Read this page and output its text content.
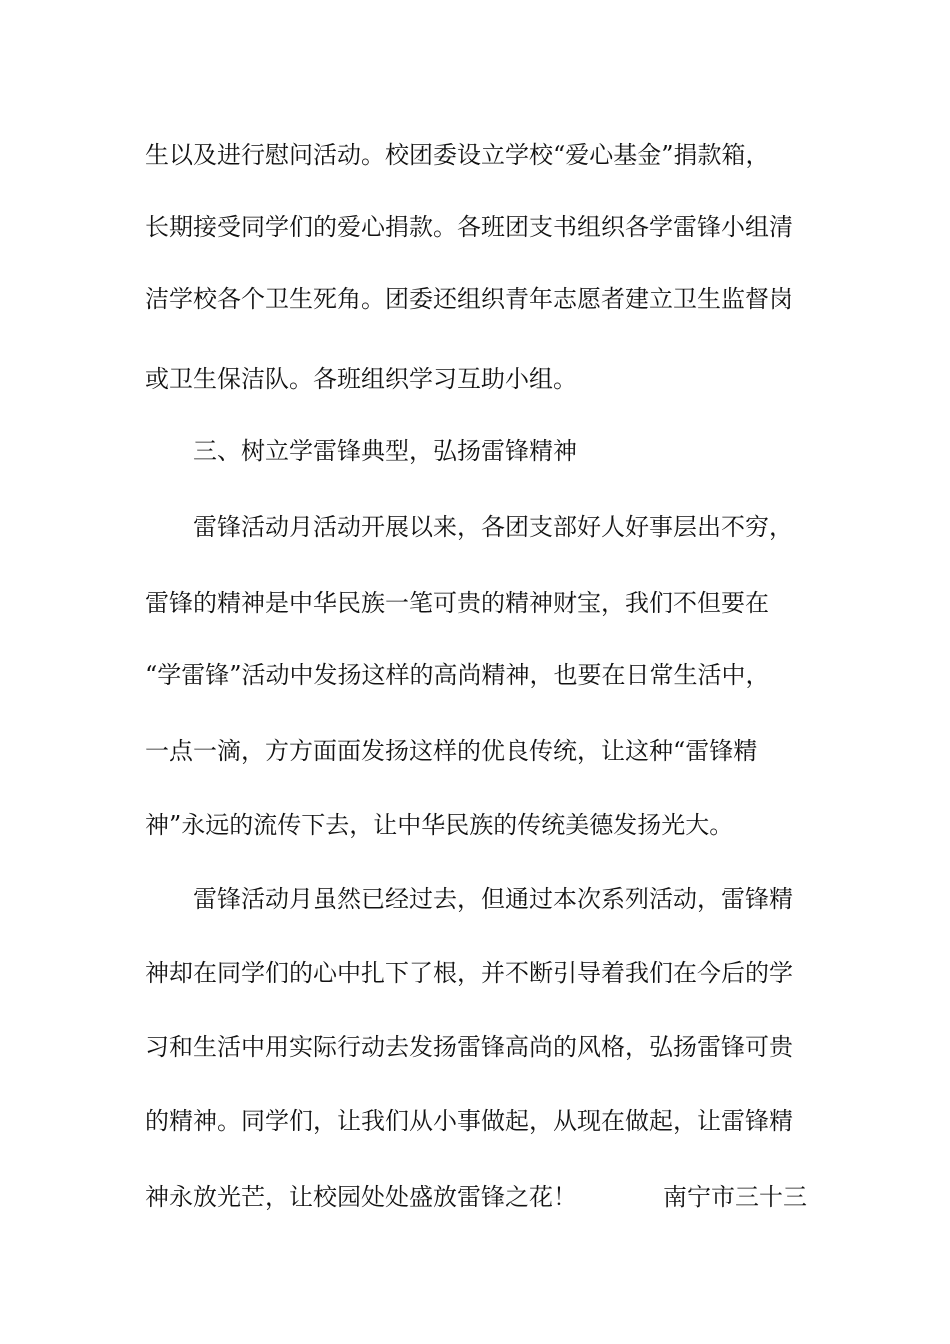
生以及进行慰问活动。校团委设立学校“爱心基金”捐款箱，
长期接受同学们的爱心捐款。各班团支书组织各学雷锋小组清
洁学校各个卫生死角。团委还组织青年志愿者建立卫生监督岗
或卫生保洁队。各班组织学习互助小组。
三、树立学雷锋典型，弘扬雷锋精神
雷锋活动月活动开展以来，各团支部好人好事层出不穷，
雷锋的精神是中华民族一笔可贵的精神财宝，我们不但要在
“学雷锋”活动中发扬这样的高尚精神，也要在日常生活中，
一点一滴，方方面面发扬这样的优良传统，让这种“雷锋精
神”永远的流传下去，让中华民族的传统美德发扬光大。
雷锋活动月虽然已经过去，但通过本次系列活动，雷锋精
神却在同学们的心中扎下了根，并不断引导着我们在今后的学
习和生活中用实际行动去发扬雷锋高尚的风格，弘扬雷锋可贵
的精神。同学们，让我们从小事做起，从现在做起，让雷锋精
神永放光芒，让校园处处盛放雷锋之花！	南宁市三十三
